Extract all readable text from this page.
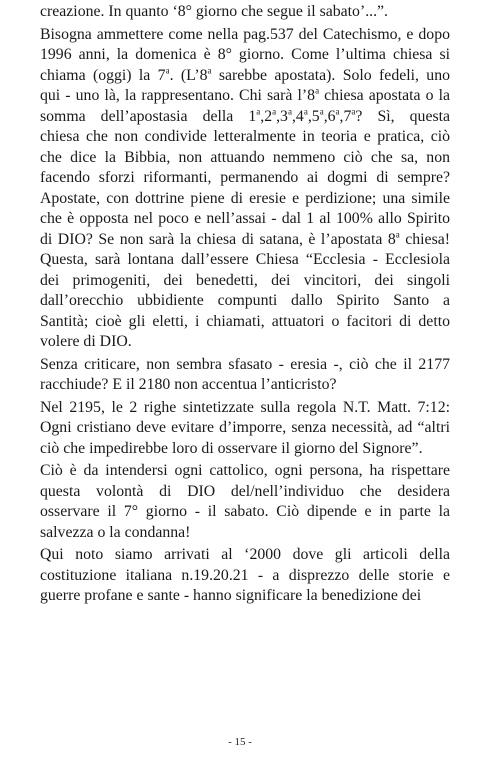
creazione. In quanto ‘8° giorno che segue il sabato’...”.

Bisogna ammettere come nella pag.537 del Catechismo, e dopo
1996 anni, la domenica è 8° giorno. Come l’ultima chiesa si
chiama (oggi) la 7$^a$. (L’8$^a$ sarebbe apostata). Solo fedeli, uno
qui - uno là, la rappresentano. Chi sarà l’8$^a$ chiesa apostata o la
somma dell’apostasia della 1$^a$,2$^a$,3$^a$,4$^a$,5$^a$,6$^a$,7$^a$? Sì, questa
chiesa che non condivide letteralmente in teoria e pratica, ciò
che dice la Bibbia, non attuando nemmeno ciò che sa, non
facendo sforzi riformanti, permanendo ai dogmi di sempre?
Apostate, con dottrine piene di eresie e perdizione; una simile
che è opposta nel poco e nell’assai - dal 1 al 100% allo Spirito
di DIO? Se non sarà la chiesa di satana, è l’apostata 8$^a$ chiesa!
Questa, sarà lontana dall’essere Chiesa “Ecclesia - Ecclesiola
dei primogeniti, dei benedetti, dei vincitori, dei singoli
dall’orecchio ubbidiente compunti dallo Spirito Santo a
Santità; cioè gli eletti, i chiamati, attuatori o facitori di detto
volere di DIO.

Senza criticare, non sembra sfasato - eresia -, ciò che il 2177
racchiude? E il 2180 non accentua l’anticristo?

Nel 2195, le 2 righe sintetizzate sulla regola N.T. Matt. 7:12:
Ogni cristiano deve evitare d’imporre, senza necessità, ad “altri
ciò che impedirebbe loro di osservare il giorno del Signore”.

Ciò è da intendersi ogni cattolico, ogni persona, ha rispettare
questa volontà di DIO del/nell’individuo che desidera
osservare il 7° giorno - il sabato. Ciò dipende e in parte la
salvezza o la condanna!

Qui noto siamo arrivati al ‘2000 dove gli articoli della
costituzione italiana n.19.20.21 - a disprezzo delle storie e
guerre profane e sante - hanno significare la benedizione dei

- 15 -
